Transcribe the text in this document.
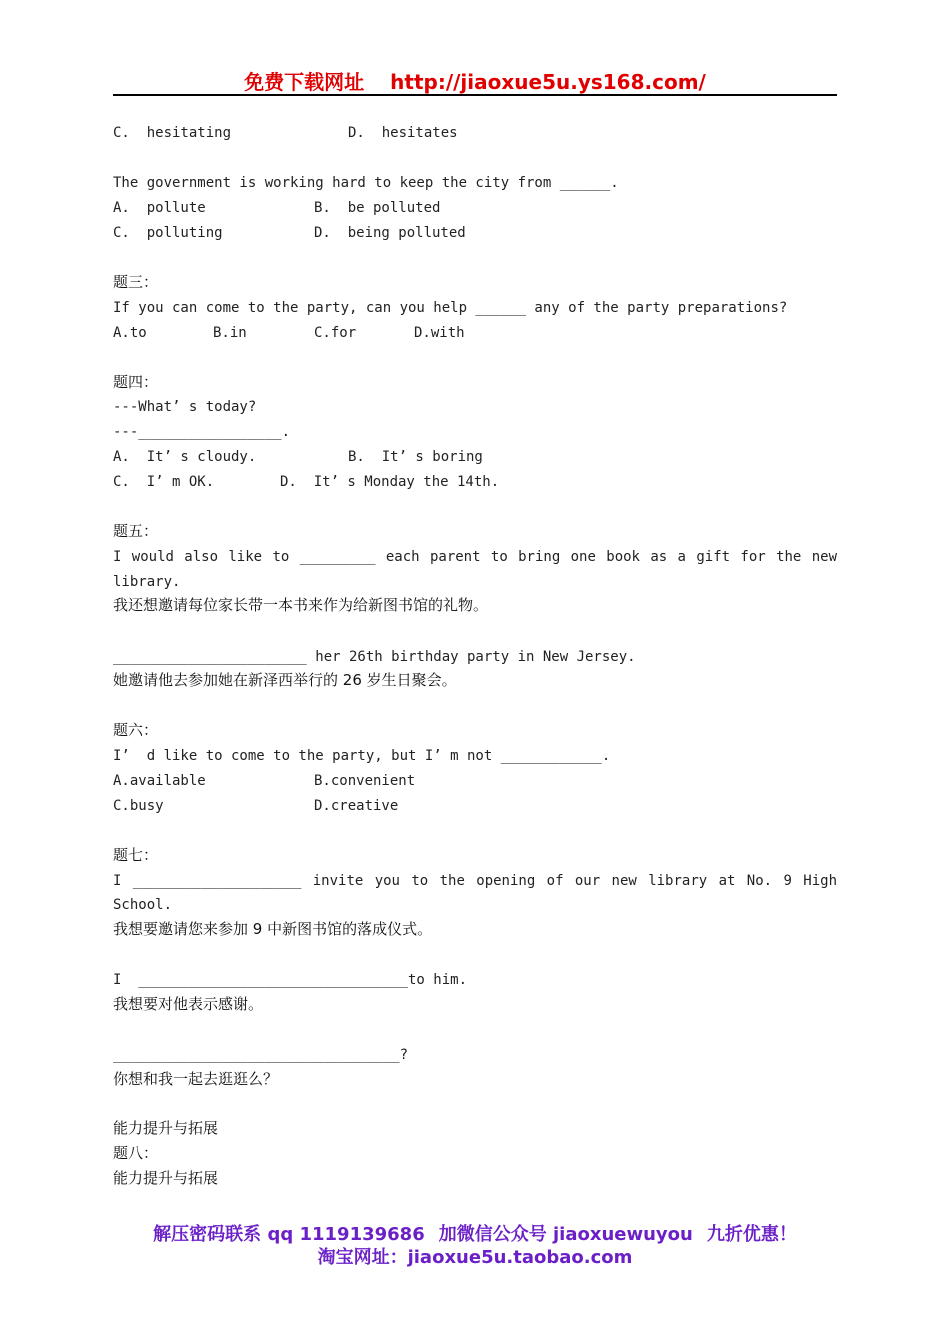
免费下载网址 http://jiaoxue5u.ys168.com/
C.  hesitating	D.  hesitates
The government is working hard to keep the city from ______.
A.  pollute	B.  be polluted
C.  polluting	D.  being polluted
题三：
If you can come to the party, can you help ______ any of the party preparations?
A.to	B.in	C.for	D.with
题四：
---What’ s today?
---_________________.
A.  It’ s cloudy.	B.  It’ s boring
C.  I’ m OK.	D.  It’ s Monday the 14th.
题五：
I would also like to _________ each parent to bring one book as a gift for the new
library.
我还想邀请每位家长带一本书来作为给新图书馆的礼物。
_______________________ her 26th birthday party in New Jersey.
她邀请他去参加她在新泽西举行的 26 岁生日聚会。
题六：
I’  d like to come to the party, but I’ m not ____________.
A.available	B.convenient
C.busy	D.creative
题七：
I ____________________ invite you to the opening of our new library at No. 9 High
School.
我想要邀请您来参加 9 中新图书馆的落成仪式。
I  ________________________________to him.
我想要对他表示感谢。
__________________________________?
你想和我一起去逛逛么？
能力提升与拓展
题八：
能力提升与拓展
解压密码联系 qq 1119139686 加微信公众号 jiaoxuewuyou 九折优惠！
淘宝网址：jiaoxue5u.taobao.com
